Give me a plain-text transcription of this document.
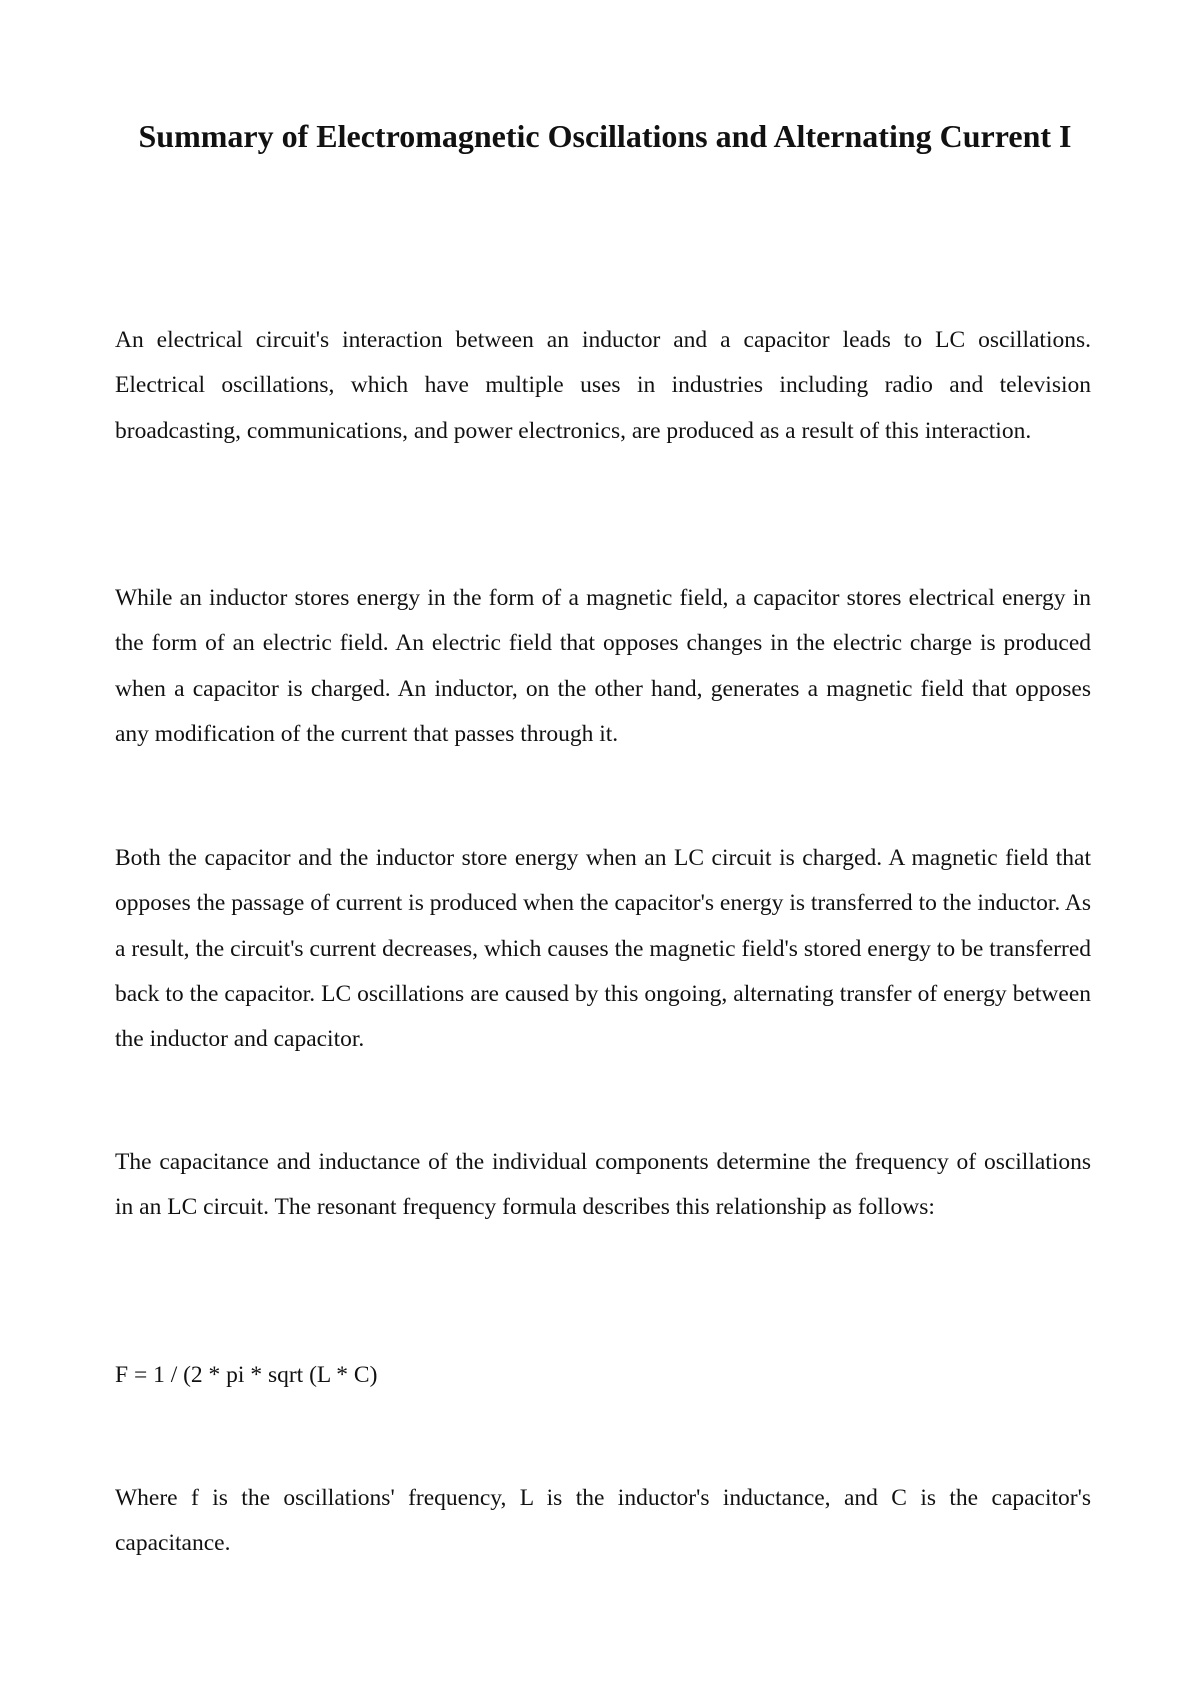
Summary of Electromagnetic Oscillations and Alternating Current I

An electrical circuit's interaction between an inductor and a capacitor leads to LC oscillations. Electrical oscillations, which have multiple uses in industries including radio and television broadcasting, communications, and power electronics, are produced as a result of this interaction.

While an inductor stores energy in the form of a magnetic field, a capacitor stores electrical energy in the form of an electric field. An electric field that opposes changes in the electric charge is produced when a capacitor is charged. An inductor, on the other hand, generates a magnetic field that opposes any modification of the current that passes through it.

Both the capacitor and the inductor store energy when an LC circuit is charged. A magnetic field that opposes the passage of current is produced when the capacitor's energy is transferred to the inductor. As a result, the circuit's current decreases, which causes the magnetic field's stored energy to be transferred back to the capacitor. LC oscillations are caused by this ongoing, alternating transfer of energy between the inductor and capacitor.

The capacitance and inductance of the individual components determine the frequency of oscillations in an LC circuit. The resonant frequency formula describes this relationship as follows:

F = 1 / (2 * pi * sqrt (L * C)

Where f is the oscillations' frequency, L is the inductor's inductance, and C is the capacitor's capacitance.
